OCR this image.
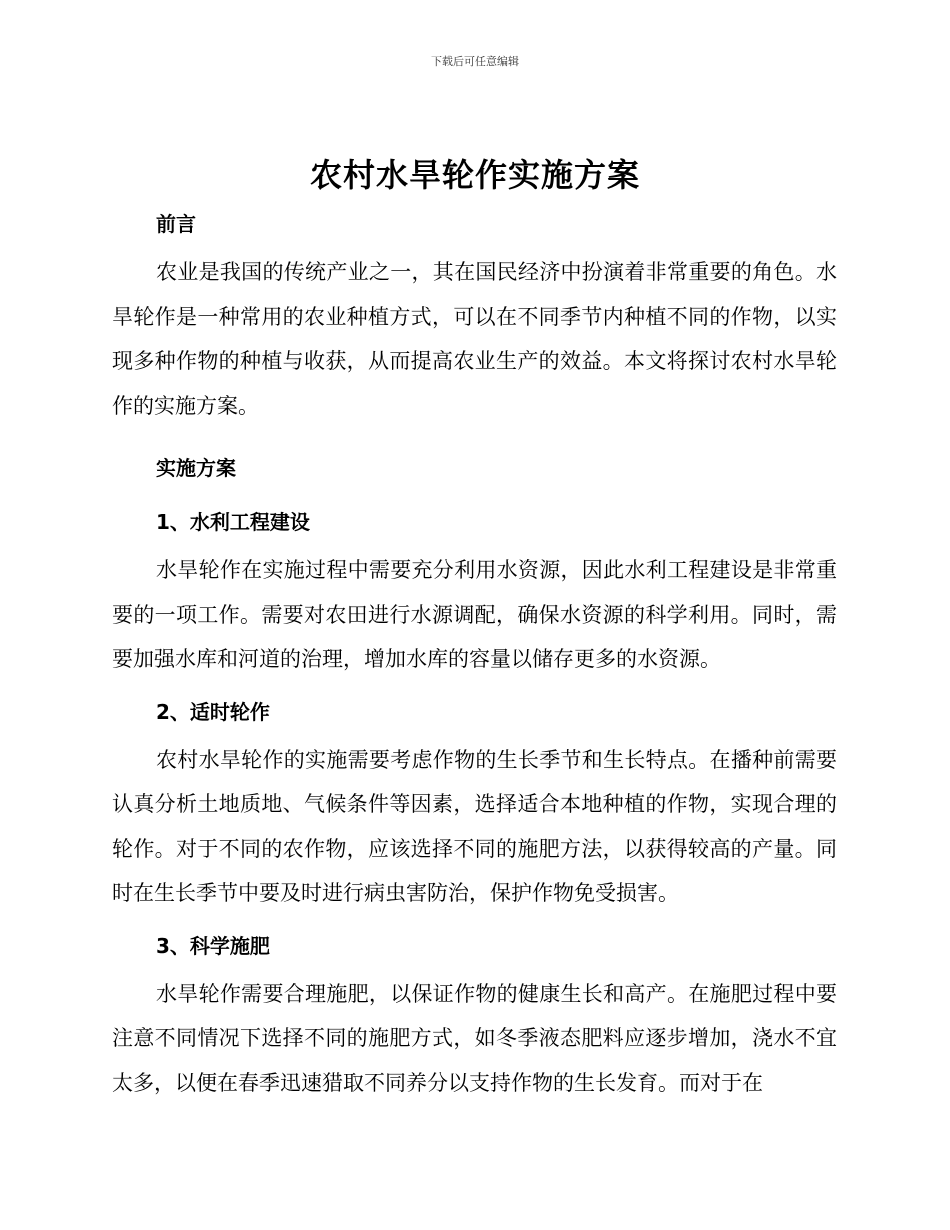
下载后可任意编辑
农村水旱轮作实施方案

前言

农业是我国的传统产业之一，其在国民经济中扮演着非常重要的角色。水旱轮作是一种常用的农业种植方式，可以在不同季节内种植不同的作物，以实现多种作物的种植与收获，从而提高农业生产的效益。本文将探讨农村水旱轮作的实施方案。

实施方案

1、水利工程建设

水旱轮作在实施过程中需要充分利用水资源，因此水利工程建设是非常重要的一项工作。需要对农田进行水源调配，确保水资源的科学利用。同时，需要加强水库和河道的治理，增加水库的容量以储存更多的水资源。

2、适时轮作

农村水旱轮作的实施需要考虑作物的生长季节和生长特点。在播种前需要认真分析土地质地、气候条件等因素，选择适合本地种植的作物，实现合理的轮作。对于不同的农作物，应该选择不同的施肥方法，以获得较高的产量。同时在生长季节中要及时进行病虫害防治，保护作物免受损害。

3、科学施肥

水旱轮作需要合理施肥，以保证作物的健康生长和高产。在施肥过程中要注意不同情况下选择不同的施肥方式，如冬季液态肥料应逐步增加，浇水不宜太多，以便在春季迅速猎取不同养分以支持作物的生长发育。而对于在
